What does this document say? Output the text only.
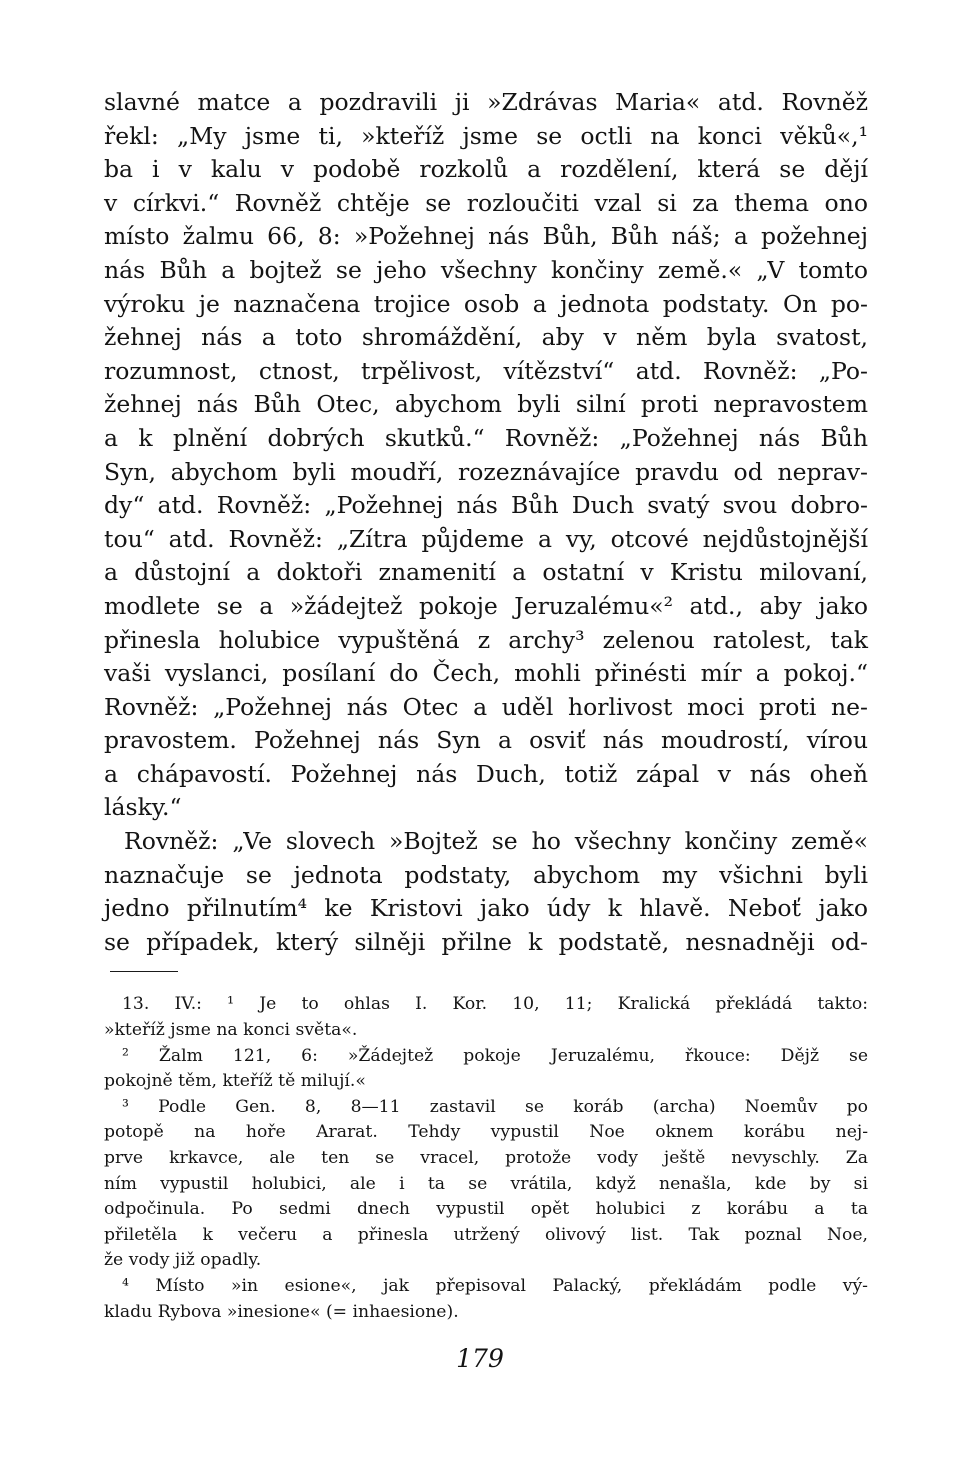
slavné matce a pozdravili ji »Zdrávas Maria« atd. Rovněž
řekl: „My jsme ti, »kteříž jsme se octli na konci věků«,¹
ba i v kalu v podobě rozkolů a rozdělení, která se dějí
v církvi.“ Rovněž chtěje se rozloučiti vzal si za thema ono
místo žalmu 66, 8: »Požehnej nás Bůh, Bůh náš; a požehnej
nás Bůh a bojtež se jeho všechny končiny země.« „V tomto
výroku je naznačena trojice osob a jednota podstaty. On po-
žehnej nás a toto shromáždění, aby v něm byla svatost,
rozumnost, ctnost, trpělivost, vítězství“ atd. Rovněž: „Po-
žehnej nás Bůh Otec, abychom byli silní proti nepravostem
a k plnění dobrých skutků.“ Rovněž: „Požehnej nás Bůh
Syn, abychom byli moudří, rozeznávajíce pravdu od neprav-
dy“ atd. Rovněž: „Požehnej nás Bůh Duch svatý svou dobro-
tou“ atd. Rovněž: „Zítra půjdeme a vy, otcové nejdůstojnější
a důstojní a doktoři znamenití a ostatní v Kristu milovaní,
modlete se a »žádejtež pokoje Jeruzalému«² atd., aby jako
přinesla holubice vypuštěná z archy³ zelenou ratolest, tak
vaši vyslanci, posílaní do Čech, mohli přinésti mír a pokoj.“
Rovněž: „Požehnej nás Otec a uděl horlivost moci proti ne-
pravostem. Požehnej nás Syn a osviť nás moudrostí, vírou
a chápavostí. Požehnej nás Duch, totiž zápal v nás oheň
lásky.“
Rovněž: „Ve slovech »Bojtež se ho všechny končiny země«
naznačuje se jednota podstaty, abychom my všichni byli
jedno přilnutím⁴ ke Kristovi jako údy k hlavě. Neboť jako
se případek, který silněji přilne k podstatě, nesnadněji od-
13. IV.: ¹ Je to ohlas I. Kor. 10, 11; Kralická překládá takto:
»kteříž jsme na konci světa«.
² Žalm 121, 6: »Žádejtež pokoje Jeruzalému, řkouce: Dějž se
pokojně těm, kteříž tě milují.«
³ Podle Gen. 8, 8—11 zastavil se koráb (archa) Noemův po
potopě na hoře Ararat. Tehdy vypustil Noe oknem korábu nej-
prve krkavce, ale ten se vracel, protože vody ještě nevyschly. Za
ním vypustil holubici, ale i ta se vrátila, když nenašla, kde by si
odpočinula. Po sedmi dnech vypustil opět holubici z korábu a ta
přiletěla k večeru a přinesla utržený olivový list. Tak poznal Noe,
že vody již opadly.
⁴ Místo »in esione«, jak přepisoval Palacký, překládám podle vý-
kladu Rybova »inesione« (= inhaesione).
179
